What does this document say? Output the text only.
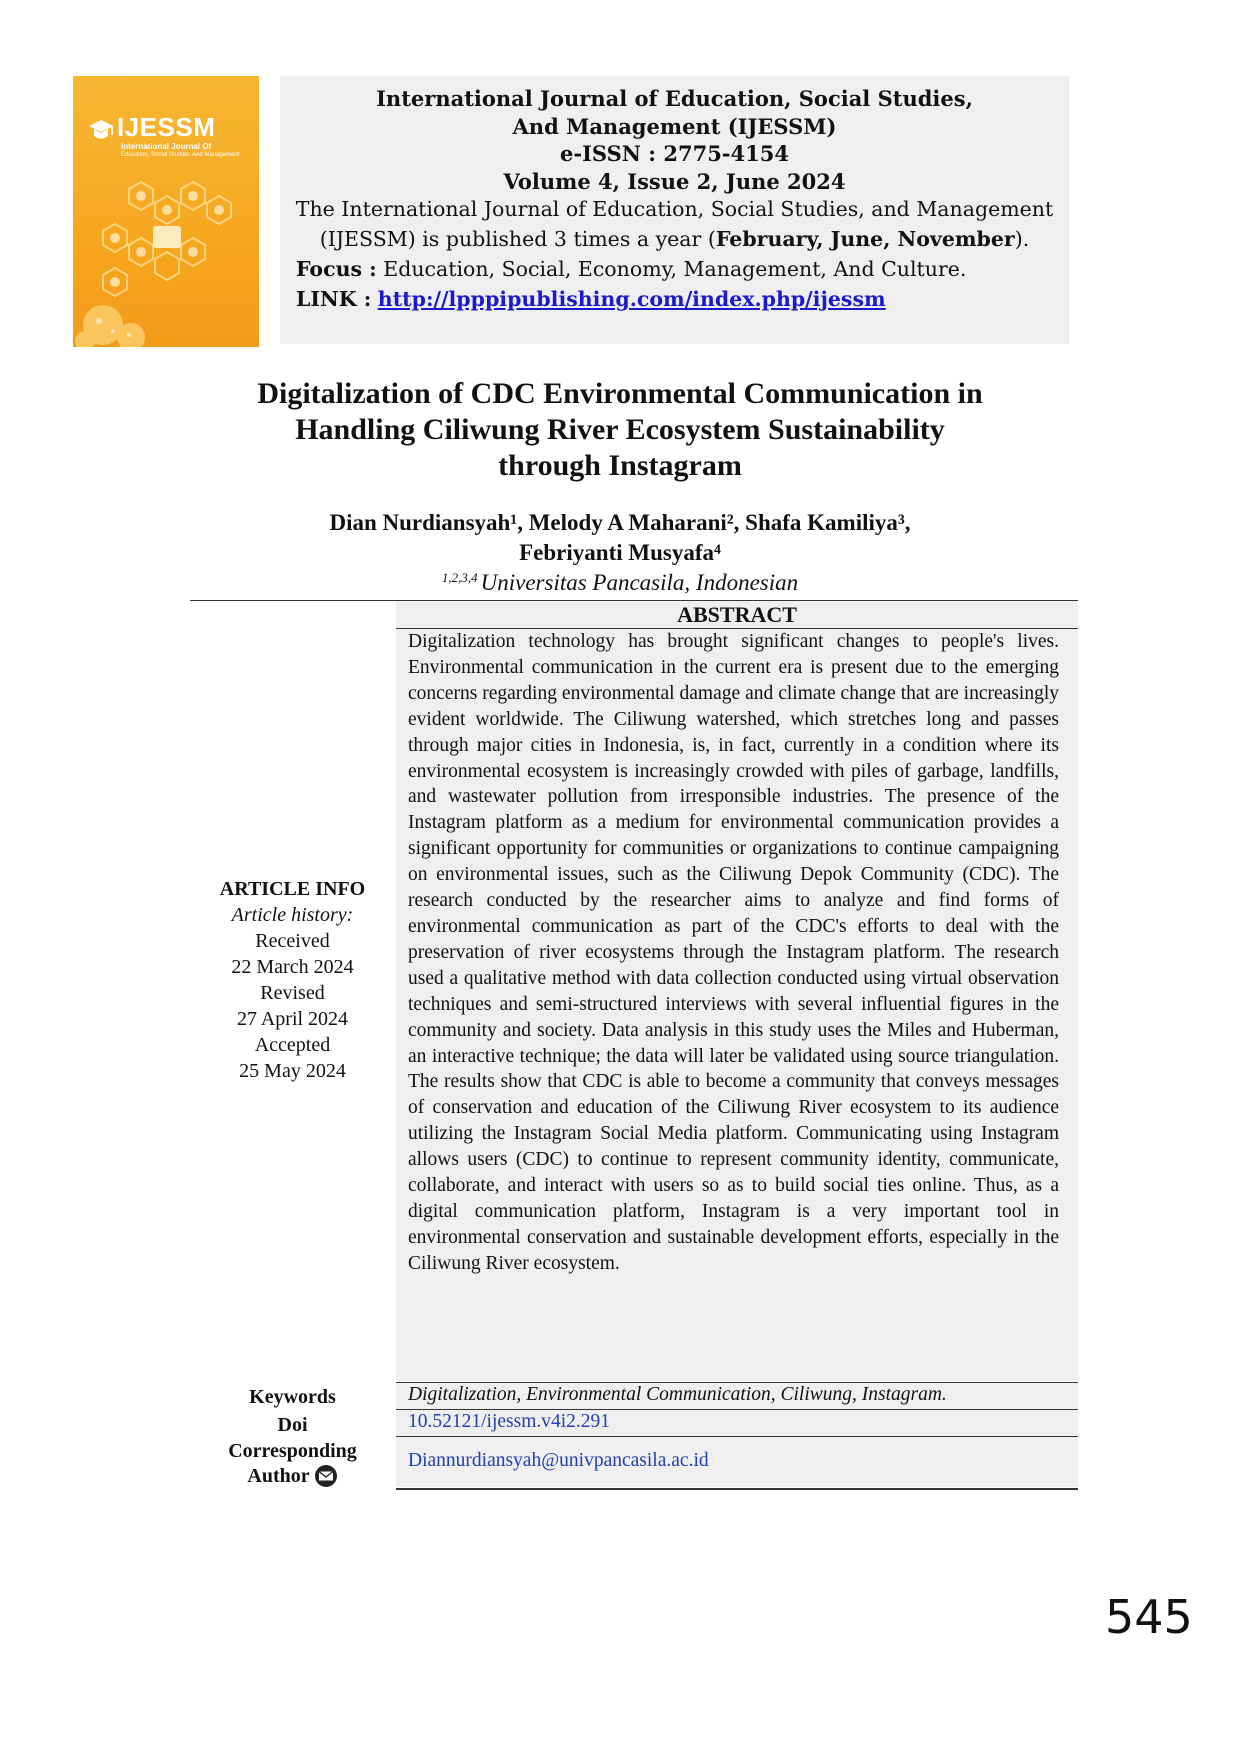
IJESSM
International Journal Of
Education, Social Studies, And Management
International Journal of Education, Social Studies,
And Management (IJESSM)
e-ISSN : 2775-4154
Volume 4, Issue 2, June 2024
The International Journal of Education, Social Studies, and Management
(IJESSM) is published 3 times a year (February, June, November).
Focus : Education, Social, Economy, Management, And Culture.
LINK : http://lpppipublishing.com/index.php/ijessm
Digitalization of CDC Environmental Communication in
Handling Ciliwung River Ecosystem Sustainability
through Instagram
Dian Nurdiansyah¹, Melody A Maharani², Shafa Kamiliya³,
Febriyanti Musyafa⁴
$^{1,2,3,4}$ Universitas Pancasila, Indonesian
ABSTRACT
Digitalization technology has brought significant changes to people's lives. Environmental communication in the current era is present due to the emerging concerns regarding environmental damage and climate change that are increasingly evident worldwide. The Ciliwung watershed, which stretches long and passes through major cities in Indonesia, is, in fact, currently in a condition where its environmental ecosystem is increasingly crowded with piles of garbage, landfills, and wastewater pollution from irresponsible industries. The presence of the Instagram platform as a medium for environmental communication provides a significant opportunity for communities or organizations to continue campaigning on environmental issues, such as the Ciliwung Depok Community (CDC). The research conducted by the researcher aims to analyze and find forms of environmental communication as part of the CDC's efforts to deal with the preservation of river ecosystems through the Instagram platform. The research used a qualitative method with data collection conducted using virtual observation techniques and semi-structured interviews with several influential figures in the community and society. Data analysis in this study uses the Miles and Huberman, an interactive technique; the data will later be validated using source triangulation. The results show that CDC is able to become a community that conveys messages of conservation and education of the Ciliwung River ecosystem to its audience utilizing the Instagram Social Media platform. Communicating using Instagram allows users (CDC) to continue to represent community identity, communicate, collaborate, and interact with users so as to build social ties online. Thus, as a digital communication platform, Instagram is a very important tool in environmental conservation and sustainable development efforts, especially in the Ciliwung River ecosystem.
ARTICLE INFO
Article history:
Received
22 March 2024
Revised
27 April 2024
Accepted
25 May 2024
Digitalization, Environmental Communication, Ciliwung, Instagram.
Keywords
10.52121/ijessm.v4i2.291
Doi
Diannurdiansyah@univpancasila.ac.id
Corresponding
Author
545
